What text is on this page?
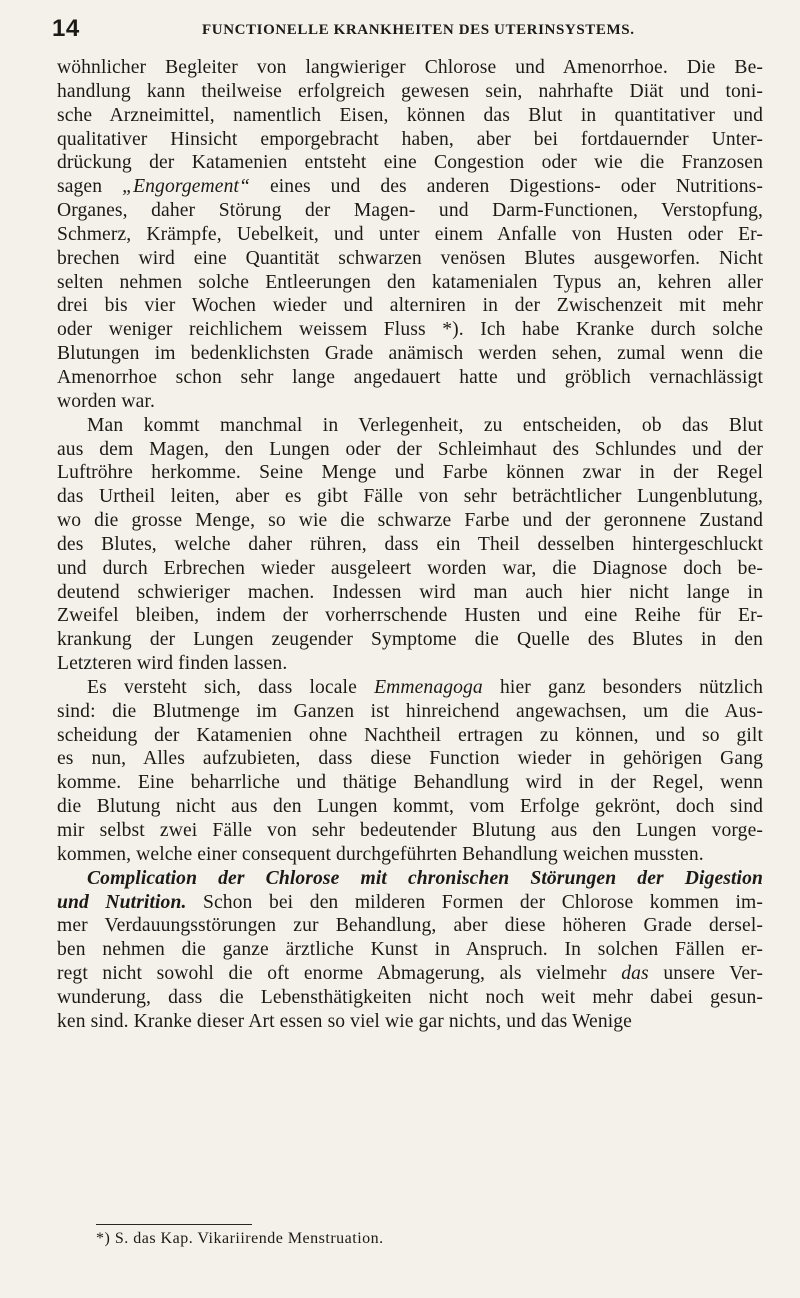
14	FUNCTIONELLE KRANKHEITEN DES UTERINSYSTEMS.
wöhnlicher Begleiter von langwieriger Chlorose und Amenorrhoe. Die Be-
handlung kann theilweise erfolgreich gewesen sein, nahrhafte Diät und toni-
sche Arzneimittel, namentlich Eisen, können das Blut in quantitativer und
qualitativer Hinsicht emporgebracht haben, aber bei fortdauernder Unter-
drückung der Katamenien entsteht eine Congestion oder wie die Franzosen
sagen „Engorgement“ eines und des anderen Digestions- oder Nutritions-
Organes, daher Störung der Magen- und Darm-Functionen, Verstopfung,
Schmerz, Krämpfe, Uebelkeit, und unter einem Anfalle von Husten oder Er-
brechen wird eine Quantität schwarzen venösen Blutes ausgeworfen. Nicht
selten nehmen solche Entleerungen den katamenialen Typus an, kehren aller
drei bis vier Wochen wieder und alterniren in der Zwischenzeit mit mehr
oder weniger reichlichem weissem Fluss *). Ich habe Kranke durch solche
Blutungen im bedenklichsten Grade anämisch werden sehen, zumal wenn die
Amenorrhoe schon sehr lange angedauert hatte und gröblich vernachlässigt
worden war.
Man kommt manchmal in Verlegenheit, zu entscheiden, ob das Blut
aus dem Magen, den Lungen oder der Schleimhaut des Schlundes und der
Luftröhre herkomme. Seine Menge und Farbe können zwar in der Regel
das Urtheil leiten, aber es gibt Fälle von sehr beträchtlicher Lungenblutung,
wo die grosse Menge, so wie die schwarze Farbe und der geronnene Zustand
des Blutes, welche daher rühren, dass ein Theil desselben hintergeschluckt
und durch Erbrechen wieder ausgeleert worden war, die Diagnose doch be-
deutend schwieriger machen. Indessen wird man auch hier nicht lange in
Zweifel bleiben, indem der vorherrschende Husten und eine Reihe für Er-
krankung der Lungen zeugender Symptome die Quelle des Blutes in den
Letzteren wird finden lassen.
Es versteht sich, dass locale Emmenagoga hier ganz besonders nützlich
sind: die Blutmenge im Ganzen ist hinreichend angewachsen, um die Aus-
scheidung der Katamenien ohne Nachtheil ertragen zu können, und so gilt
es nun, Alles aufzubieten, dass diese Function wieder in gehörigen Gang
komme. Eine beharrliche und thätige Behandlung wird in der Regel, wenn
die Blutung nicht aus den Lungen kommt, vom Erfolge gekrönt, doch sind
mir selbst zwei Fälle von sehr bedeutender Blutung aus den Lungen vorge-
kommen, welche einer consequent durchgeführten Behandlung weichen mussten.
Complication der Chlorose mit chronischen Störungen der Digestion
und Nutrition. Schon bei den milderen Formen der Chlorose kommen im-
mer Verdauungsstörungen zur Behandlung, aber diese höheren Grade dersel-
ben nehmen die ganze ärztliche Kunst in Anspruch. In solchen Fällen er-
regt nicht sowohl die oft enorme Abmagerung, als vielmehr das unsere Ver-
wunderung, dass die Lebensthätigkeiten nicht noch weit mehr dabei gesun-
ken sind. Kranke dieser Art essen so viel wie gar nichts, und das Wenige
*) S. das Kap. Vikariirende Menstruation.
